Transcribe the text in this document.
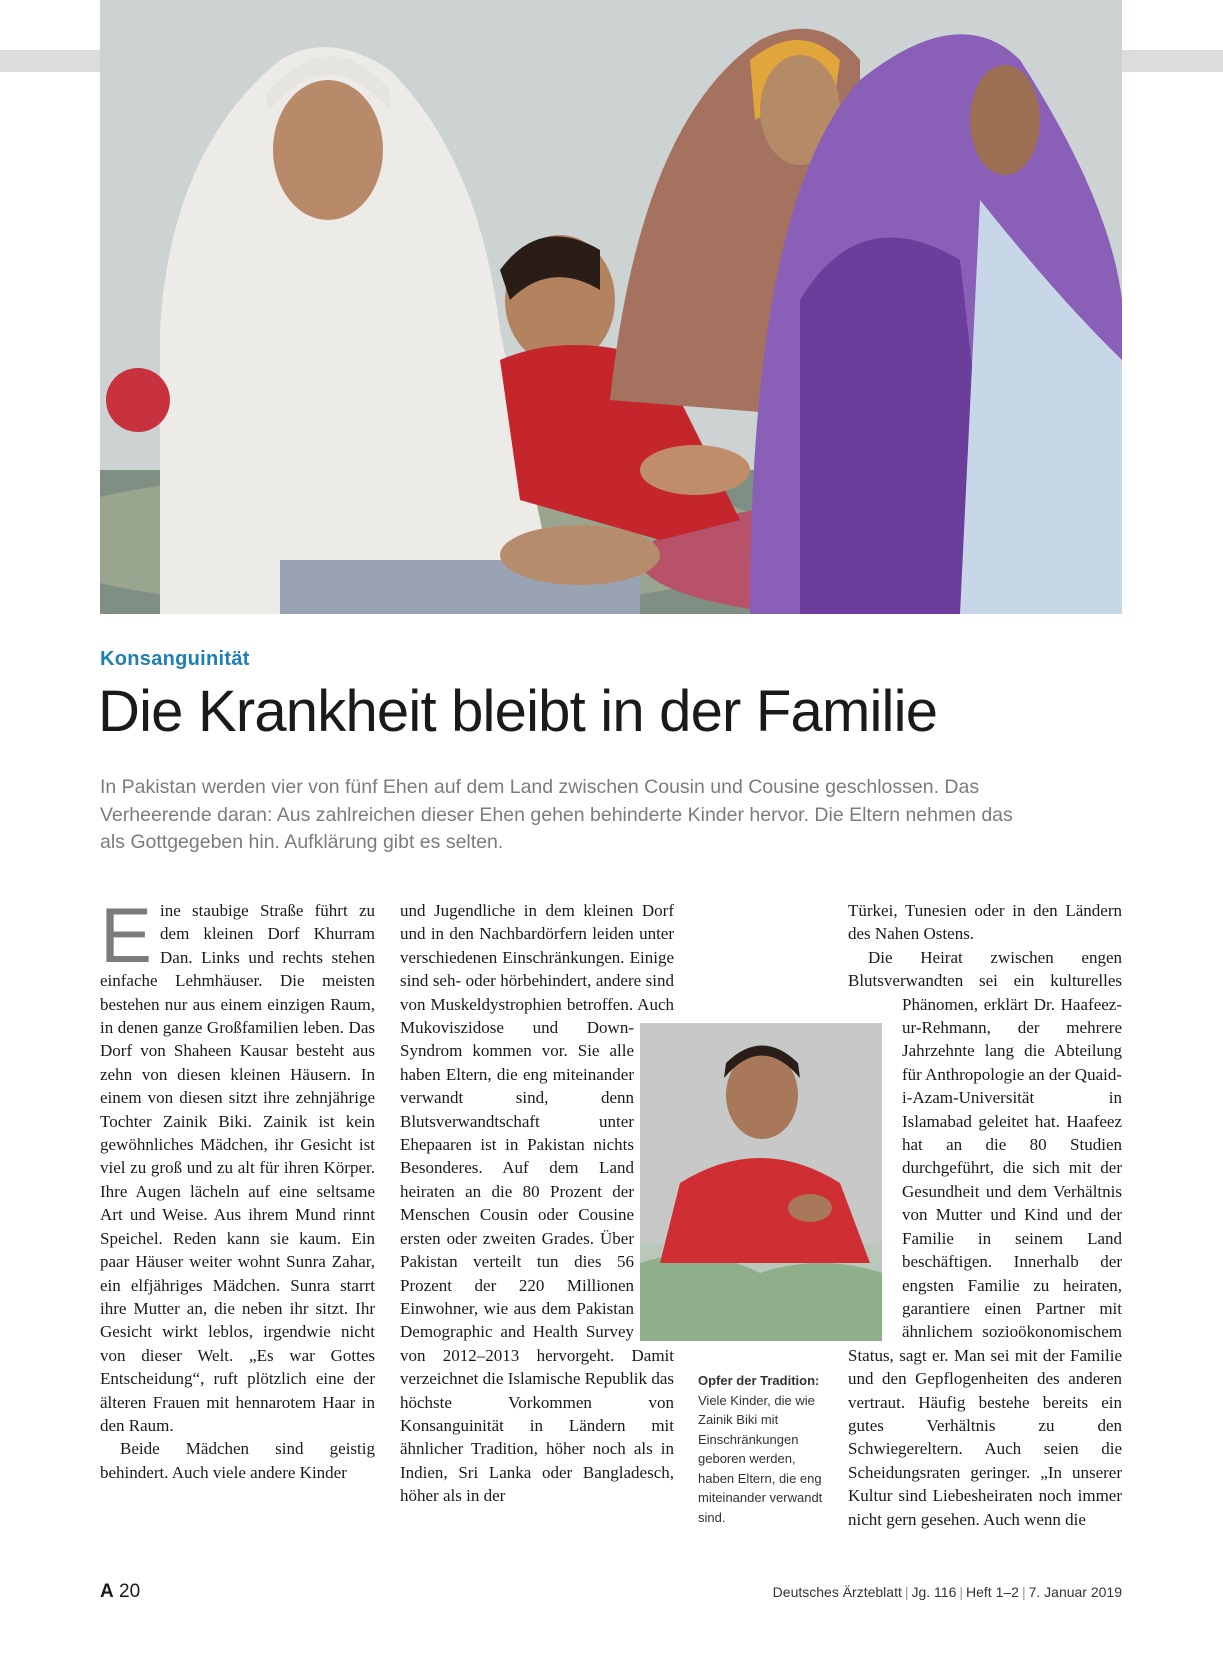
Konsanguinität

Die Krankheit bleibt in der Familie

In Pakistan werden vier von fünf Ehen auf dem Land zwischen Cousin und Cousine geschlossen. Das Verheerende daran: Aus zahlreichen dieser Ehen gehen behinderte Kinder hervor. Die Eltern nehmen das als Gottgegeben hin. Aufklärung gibt es selten.

Eine staubige Straße führt zu dem kleinen Dorf Khurram Dan. Links und rechts stehen einfache Lehmhäuser. Die meisten bestehen nur aus einem einzigen Raum, in denen ganze Großfamilien leben. Das Dorf von Shaheen Kausar besteht aus zehn von diesen kleinen Häusern. In einem von diesen sitzt ihre zehnjährige Tochter Zainik Biki. Zainik ist kein gewöhnliches Mädchen, ihr Gesicht ist viel zu groß und zu alt für ihren Körper. Ihre Augen lächeln auf eine seltsame Art und Weise. Aus ihrem Mund rinnt Speichel. Reden kann sie kaum. Ein paar Häuser weiter wohnt Sunra Zahar, ein elfjähriges Mädchen. Sunra starrt ihre Mutter an, die neben ihr sitzt. Ihr Gesicht wirkt leblos, irgendwie nicht von dieser Welt. „Es war Gottes Entscheidung“, ruft plötzlich eine der älteren Frauen mit hennarotem Haar in den Raum.

Beide Mädchen sind geistig behindert. Auch viele andere Kinder

und Jugendliche in dem kleinen Dorf und in den Nachbardörfern leiden unter verschiedenen Einschränkungen. Einige sind seh- oder hörbehindert, andere sind von Muskeldystrophien betroffen. Auch Mukoviszidose und Down-Syndrom kommen vor. Sie alle haben Eltern, die eng miteinander verwandt sind, denn Blutsverwandtschaft unter Ehepaaren ist in Pakistan nichts Besonderes. Auf dem Land heiraten an die 80 Prozent der Menschen Cousin oder Cousine ersten oder zweiten Grades. Über Pakistan verteilt tun dies 56 Prozent der 220 Millionen Einwohner, wie aus dem Pakistan Demographic and Health Survey von 2012–2013 hervorgeht. Damit verzeichnet die Islamische Republik das höchste Vorkommen von Konsanguinität in Ländern mit ähnlicher Tradition, höher noch als in Indien, Sri Lanka oder Bangladesch, höher als in der

Opfer der Tradition: Viele Kinder, die wie Zainik Biki mit Einschränkungen geboren werden, haben Eltern, die eng miteinander verwandt sind.

Türkei, Tunesien oder in den Ländern des Nahen Ostens.

Die Heirat zwischen engen Blutsverwandten sei ein kulturelles Phänomen, erklärt Dr. Haafeez-ur-Rehmann, der mehrere Jahrzehnte lang die Abteilung für Anthropologie an der Quaid-i-Azam-Universität in Islamabad geleitet hat. Haafeez hat an die 80 Studien durchgeführt, die sich mit der Gesundheit und dem Verhältnis von Mutter und Kind und der Familie in seinem Land beschäftigen. Innerhalb der engsten Familie zu heiraten, garantiere einen Partner mit ähnlichem sozioökonomischem Status, sagt er. Man sei mit der Familie und den Gepflogenheiten des anderen vertraut. Häufig bestehe bereits ein gutes Verhältnis zu den Schwiegereltern. Auch seien die Scheidungsraten geringer. „In unserer Kultur sind Liebesheiraten noch immer nicht gern gesehen. Auch wenn die

A 20	Deutsches Ärzteblatt | Jg. 116 | Heft 1–2 | 7. Januar 2019
